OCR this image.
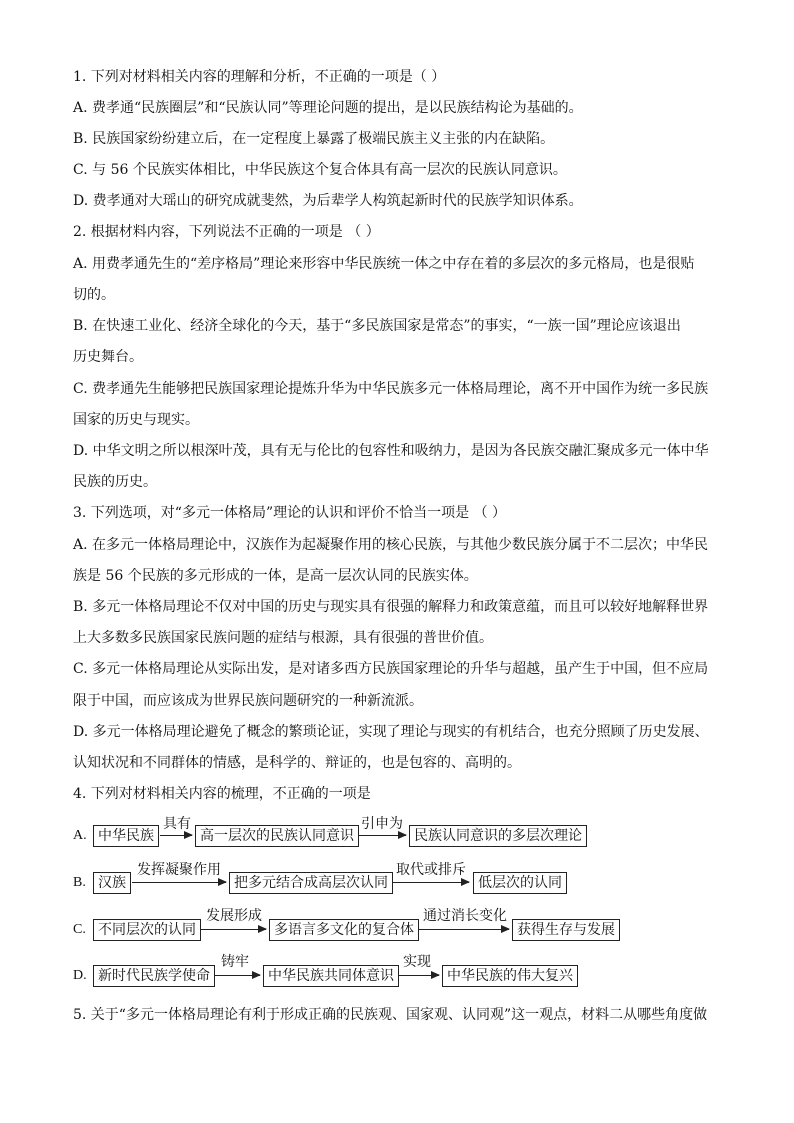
1. 下列对材料相关内容的理解和分析，不正确的一项是（ ）
A. 费孝通“民族圈层”和“民族认同”等理论问题的提出，是以民族结构论为基础的。
B. 民族国家纷纷建立后，在一定程度上暴露了极端民族主义主张的内在缺陷。
C. 与 56 个民族实体相比，中华民族这个复合体具有高一层次的民族认同意识。
D. 费孝通对大瑶山的研究成就斐然，为后辈学人构筑起新时代的民族学知识体系。
2. 根据材料内容，下列说法不正确的一项是 （ ）
A. 用费孝通先生的“差序格局”理论来形容中华民族统一体之中存在着的多层次的多元格局，也是很贴
切的。
B. 在快速工业化、经济全球化的今天，基于“多民族国家是常态”的事实，“一族一国”理论应该退出
历史舞台。
C. 费孝通先生能够把民族国家理论提炼升华为中华民族多元一体格局理论，离不开中国作为统一多民族
国家的历史与现实。
D. 中华文明之所以根深叶茂，具有无与伦比的包容性和吸纳力，是因为各民族交融汇聚成多元一体中华
民族的历史。
3. 下列选项，对“多元一体格局”理论的认识和评价不恰当一项是 （ ）
A. 在多元一体格局理论中，汉族作为起凝聚作用的核心民族，与其他少数民族分属于不二层次；中华民
族是 56 个民族的多元形成的一体，是高一层次认同的民族实体。
B. 多元一体格局理论不仅对中国的历史与现实具有很强的解释力和政策意蕴，而且可以较好地解释世界
上大多数多民族国家民族问题的症结与根源，具有很强的普世价值。
C. 多元一体格局理论从实际出发，是对诸多西方民族国家理论的升华与超越，虽产生于中国，但不应局
限于中国，而应该成为世界民族问题研究的一种新流派。
D. 多元一体格局理论避免了概念的繁琐论证，实现了理论与现实的有机结合，也充分照顾了历史发展、
认知状况和不同群体的情感，是科学的、辩证的，也是包容的、高明的。
4. 下列对材料相关内容的梳理，不正确的一项是
A. 中华民族
具有
高一层次的民族认同意识
引申为
民族认同意识的多层次理论
B. 汉族
发挥凝聚作用
把多元结合成高层次认同
取代或排斥
低层次的认同
C. 不同层次的认同
发展形成
多语言多文化的复合体
通过消长变化
获得生存与发展
D. 新时代民族学使命
铸牢
中华民族共同体意识
实现
中华民族的伟大复兴
5. 关于“多元一体格局理论有利于形成正确的民族观、国家观、认同观”这一观点，材料二从哪些角度做
